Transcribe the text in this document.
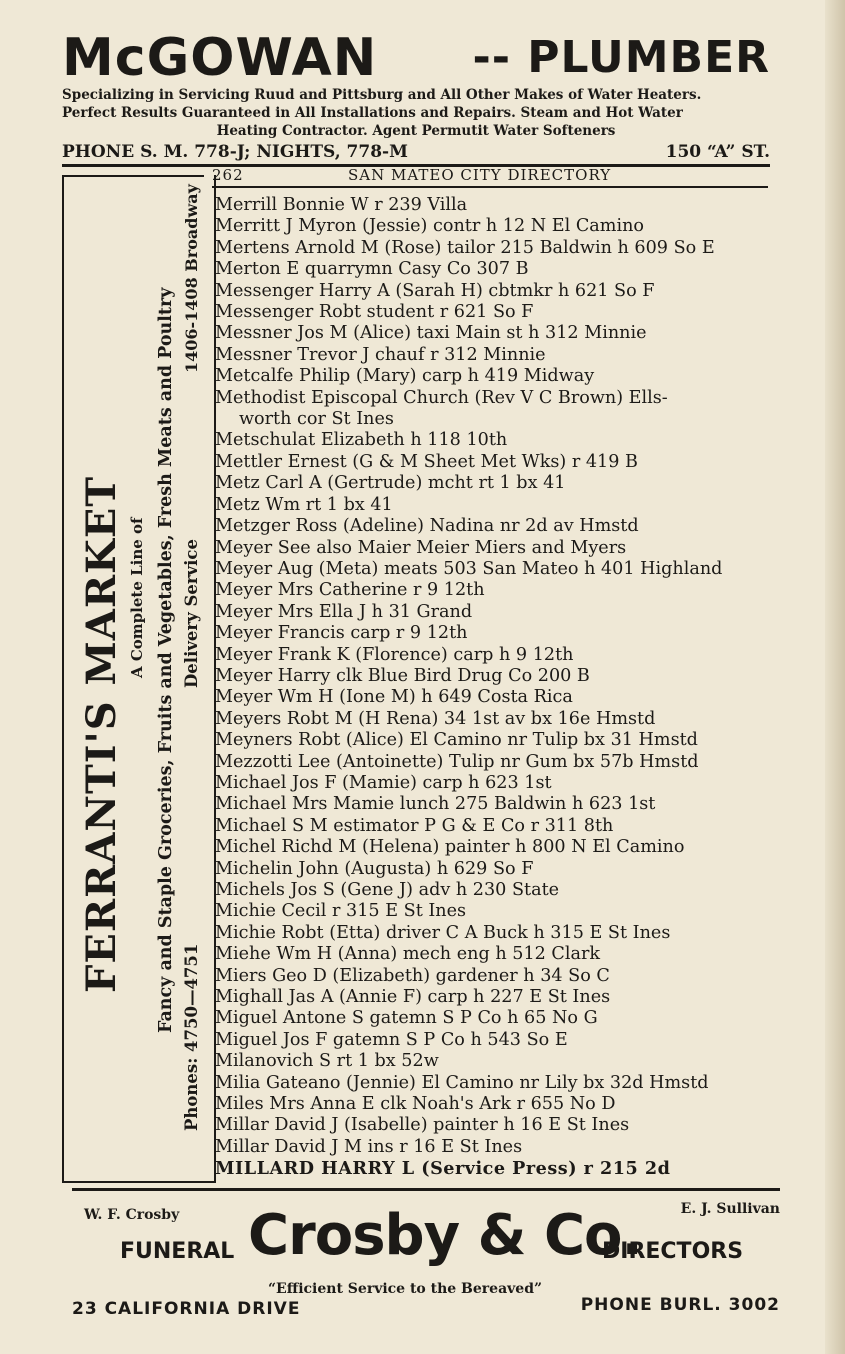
McGOWAN -- PLUMBER
Specializing in Servicing Ruud and Pittsburg and All Other Makes of Water Heaters.
Perfect Results Guaranteed in All Installations and Repairs. Steam and Hot Water
Heating Contractor. Agent Permutit Water Softeners
PHONE S. M. 778-J; NIGHTS, 778-M	150 “A” ST.
262	SAN MATEO CITY DIRECTORY
FERRANTI'S MARKET A Complete Line of Fancy and Staple Groceries, Fruits and Vegetables, Fresh Meats and Poultry Delivery Service
1406-1408 Broadway
Phones: 4750—4751
Merrill Bonnie W r 239 Villa
Merritt J Myron (Jessie) contr h 12 N El Camino
Mertens Arnold M (Rose) tailor 215 Baldwin h 609 So E
Merton E quarrymn Casy Co 307 B
Messenger Harry A (Sarah H) cbtmkr h 621 So F
Messenger Robt student r 621 So F
Messner Jos M (Alice) taxi Main st h 312 Minnie
Messner Trevor J chauf r 312 Minnie
Metcalfe Philip (Mary) carp h 419 Midway
Methodist Episcopal Church (Rev V C Brown) Ells-
worth cor St Ines
Metschulat Elizabeth h 118 10th
Mettler Ernest (G & M Sheet Met Wks) r 419 B
Metz Carl A (Gertrude) mcht rt 1 bx 41
Metz Wm rt 1 bx 41
Metzger Ross (Adeline) Nadina nr 2d av Hmstd
Meyer See also Maier Meier Miers and Myers
Meyer Aug (Meta) meats 503 San Mateo h 401 Highland
Meyer Mrs Catherine r 9 12th
Meyer Mrs Ella J h 31 Grand
Meyer Francis carp r 9 12th
Meyer Frank K (Florence) carp h 9 12th
Meyer Harry clk Blue Bird Drug Co 200 B
Meyer Wm H (Ione M) h 649 Costa Rica
Meyers Robt M (H Rena) 34 1st av bx 16e Hmstd
Meyners Robt (Alice) El Camino nr Tulip bx 31 Hmstd
Mezzotti Lee (Antoinette) Tulip nr Gum bx 57b Hmstd
Michael Jos F (Mamie) carp h 623 1st
Michael Mrs Mamie lunch 275 Baldwin h 623 1st
Michael S M estimator P G & E Co r 311 8th
Michel Richd M (Helena) painter h 800 N El Camino
Michelin John (Augusta) h 629 So F
Michels Jos S (Gene J) adv h 230 State
Michie Cecil r 315 E St Ines
Michie Robt (Etta) driver C A Buck h 315 E St Ines
Miehe Wm H (Anna) mech eng h 512 Clark
Miers Geo D (Elizabeth) gardener h 34 So C
Mighall Jas A (Annie F) carp h 227 E St Ines
Miguel Antone S gatemn S P Co h 65 No G
Miguel Jos F gatemn S P Co h 543 So E
Milanovich S rt 1 bx 52w
Milia Gateano (Jennie) El Camino nr Lily bx 32d Hmstd
Miles Mrs Anna E clk Noah's Ark r 655 No D
Millar David J (Isabelle) painter h 16 E St Ines
Millar David J M ins r 16 E St Ines
MILLARD HARRY L (Service Press) r 215 2d
W. F. Crosby	E. J. Sullivan
FUNERAL Crosby & Co.
DIRECTORS
“Efficient Service to the Bereaved”
23 CALIFORNIA DRIVE	PHONE BURL. 3002
